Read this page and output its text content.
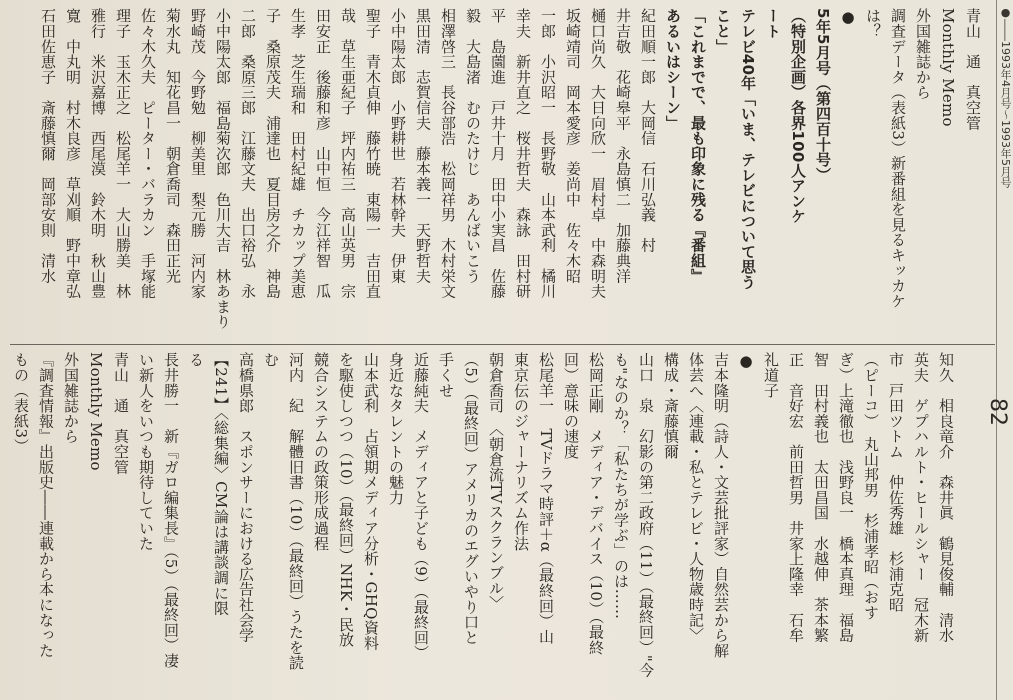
●――1993年4月号〜1993年5月号
82
青山　通　真空管
Monthly Memo
外国雑誌から
調査データ（表紙3）新番組を見るキッカケ
は？
●
5年5月号（第四百十号）
（特別企画）各界100人アンケ
ート
テレビ40年「いま、テレビについて思う
こと」
「これまでで、最も印象に残る『番組』
あるいはシーン」
紀田順一郎　大岡信　石川弘義　村
井吉敬　花崎皋平　永島慎二　加藤典洋
樋口尚久　大日向欣一　眉村卓　中森明夫
坂崎靖司　岡本愛彦　姜尚中　佐々木昭
一郎　小沢昭一　長野敬　山本武利　橘川
幸夫　新井直之　桜井哲夫　森詠　田村研
平　島薗進　戸井十月　田中小実昌　佐藤
毅　大島渚　むのたけじ　あんばいこう
相澤啓三　長谷部浩　松岡祥男　木村栄文
黒田清　志賀信夫　藤本義一　天野哲夫
小中陽太郎　小野耕世　若林幹夫　伊東
聖子　青木貞伸　藤竹暁　東陽一　吉田直
哉　草生亜紀子　坪内祐三　高山英男　宗
田安正　後藤和彦　山中恒　今江祥智　瓜
生孝　芝生瑞和　田村紀雄　チカップ美恵
子　桑原茂夫　浦達也　夏目房之介　神島
二郎　桑原三郎　江藤文夫　出口裕弘　永
小中陽太郎　福島菊次郎　色川大吉　林あまり
野崎茂　今野勉　柳美里　梨元勝　河内家
菊水丸　知花昌一　朝倉喬司　森田正光
佐々木久夫　ピーター・バラカン　手塚能
理子　玉木正之　松尾羊一　大山勝美　林
雅行　米沢嘉博　西尾漠　鈴木明　秋山豊
寛　中丸明　村木良彦　草刈順　野中章弘
石田佐恵子　斎藤慎爾　岡部安則　清水
知久　相良竜介　森井眞　鶴見俊輔　清水
英夫　ゲプハルト・ヒールシャー　冠木新
市　戸田ツトム　仲佐秀雄　杉浦克昭
（ピーコ）　丸山邦男　杉浦孝昭（おす
ぎ）上滝徹也　浅野良一　橋本真理　福島
智　田村義也　太田昌国　水越伸　茶本繁
正　音好宏　前田哲男　井家上隆幸　石牟
礼道子
●
吉本隆明（詩人・文芸批評家）自然芸から解
体芸へ〈連載・私とテレビ・人物歳時記〉
構成・斎藤慎爾
山口　泉　幻影の第二政府（11）（最終回）"今
も"なのか？「私たちが学ぶ」のは……
松岡正剛　メディア・デバイス（10）（最終
回）意味の速度
松尾羊一　TVドラマ時評＋α（最終回）山
東京伝のジャーナリズム作法
朝倉喬司　〈朝倉流TVスクランブル〉
（5）（最終回）アメリカのエグいやり口と
手くせ
近藤純夫　メディアと子ども（9）（最終回）
身近なタレントの魅力
山本武利　占領期メディア分析・GHQ資料
を駆使しつつ（10）（最終回）NHK・民放
競合システムの政策形成過程
河内　紀　解體旧書（10）（最終回）うたを読
む
高橋県郎　スポンサーにおける広告社会学
【241】〈総集編〉CM論は講談調に限
る
長井勝一　新『ガロ編集長』（5）（最終回）凄
い新人をいつも期待していた
青山　通　真空管
Monthly Memo
外国雑誌から
『調査情報』出版史――連載から本になった
もの（表紙3）
